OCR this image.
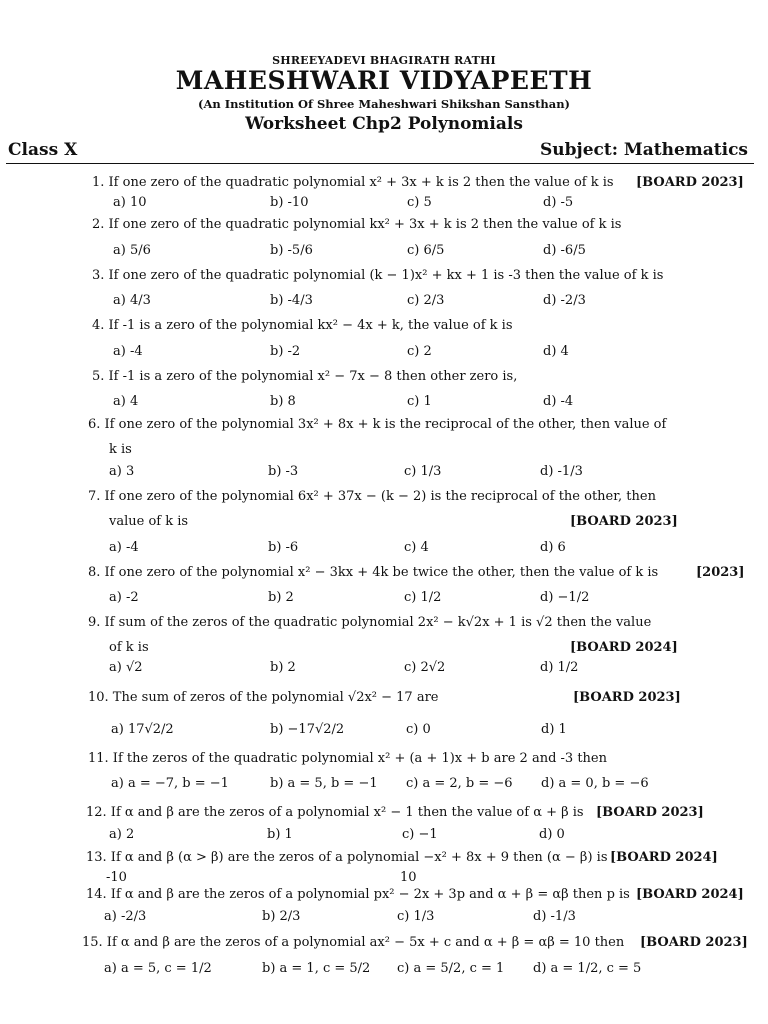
SHREEYADEVI BHAGIRATH RATHI
MAHESHWARI VIDYAPEETH
(An Institution Of Shree Maheshwari Shikshan Sansthan)
Worksheet Chp2 Polynomials
Class X	Subject: Mathematics
1. If one zero of the quadratic polynomial x² + 3x + k is 2 then the value of k is [BOARD 2023]
a) 10	b) -10	c) 5	d) -5
2. If one zero of the quadratic polynomial kx² + 3x + k is 2 then the value of k is
a) 5/6	b) -5/6	c) 6/5	d) -6/5
3. If one zero of the quadratic polynomial (k − 1)x² + kx + 1 is -3 then the value of k is
a) 4/3	b) -4/3	c) 2/3	d) -2/3
4. If -1 is a zero of the polynomial kx² − 4x + k, the value of k is
a) -4	b) -2	c) 2	d) 4
5. If -1 is a zero of the polynomial x² − 7x − 8 then other zero is,
a) 4	b) 8	c) 1	d) -4
6. If one zero of the polynomial 3x² + 8x + k is the reciprocal of the other, then value of
k is
a) 3	b) -3	c) 1/3	d) -1/3
7. If one zero of the polynomial 6x² + 37x − (k − 2) is the reciprocal of the other, then
value of k is	[BOARD 2023]
a) -4	b) -6	c) 4	d) 6
8. If one zero of the polynomial x² − 3kx + 4k be twice the other, then the value of k is	[2023]
a) -2	b) 2	c) 1/2	d) −1/2
9. If sum of the zeros of the quadratic polynomial 2x² − k√2x + 1 is √2 then the value
of k is	[BOARD 2024]
a) √2	b) 2	c) 2√2	d) 1/2
10. The sum of zeros of the polynomial √2x² − 17 are	[BOARD 2023]
a) 17√2/2	b) −17√2/2	c) 0	d) 1
11. If the zeros of the quadratic polynomial x² + (a + 1)x + b are 2 and -3 then
a) a = −7, b = −1	b) a = 5, b = −1 c) a = 2, b = −6 d) a = 0, b = −6
12. If α and β are the zeros of a polynomial x² − 1 then the value of α + β is [BOARD 2023]
a) 2	b) 1	c) −1	d) 0
13. If α and β (α > β) are the zeros of a polynomial −x² + 8x + 9 then (α − β) is [BOARD 2024]
-10	10
14. If α and β are the zeros of a polynomial px² − 2x + 3p and α + β = αβ then p is [BOARD 2024]
a) -2/3	b) 2/3	c) 1/3	d) -1/3
15. If α and β are the zeros of a polynomial ax² − 5x + c and α + β = αβ = 10 then [BOARD 2023]
a) a = 5, c = 1/2	b) a = 1, c = 5/2 c) a = 5/2, c = 1 d) a = 1/2, c = 5
